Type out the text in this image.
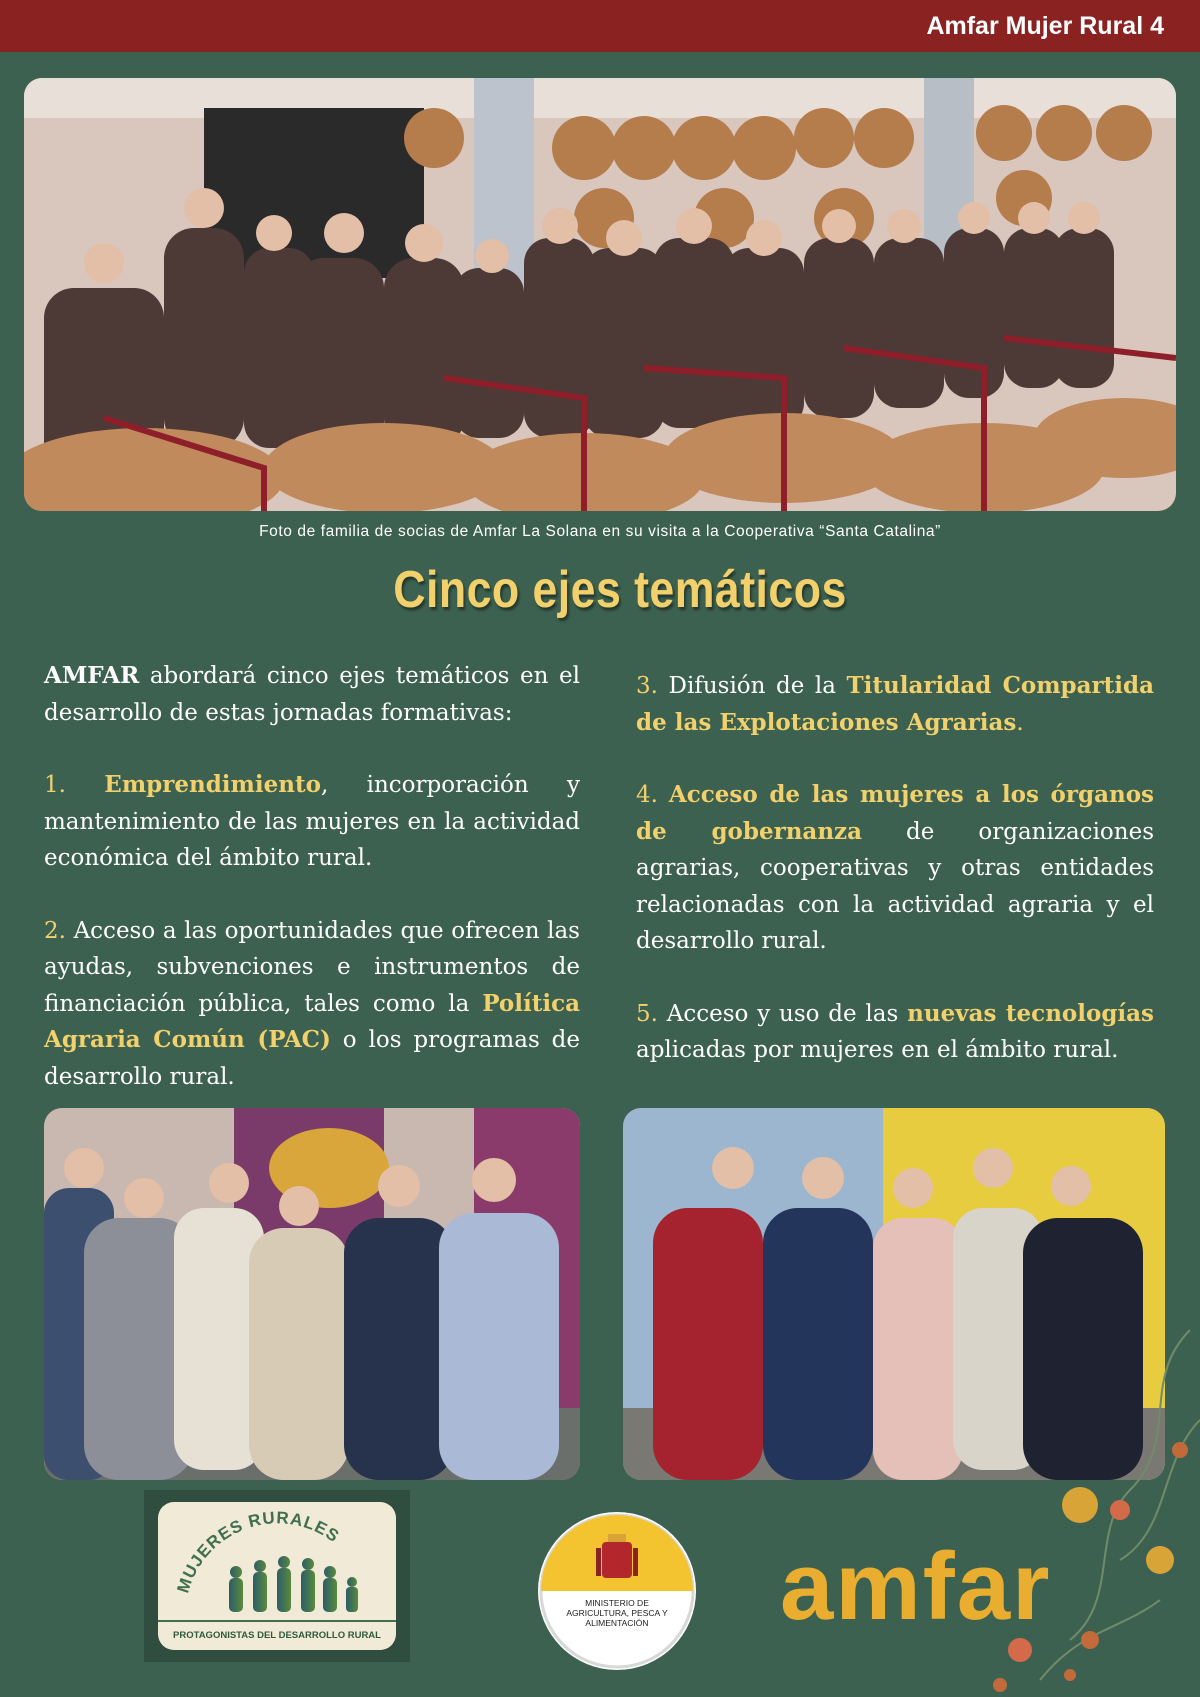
Amfar Mujer Rural 4
Foto de familia de socias de Amfar La Solana en su visita a la Cooperativa “Santa Catalina”
Cinco ejes temáticos

AMFAR abordará cinco ejes temáticos en el desarrollo de estas jornadas formativas:

1. Emprendimiento, incorporación y mantenimiento de las mujeres en la actividad económica del ámbito rural.

2. Acceso a las oportunidades que ofrecen las ayudas, subvenciones e instrumentos de financiación pública, tales como la Política Agraria Común (PAC) o los programas de desarrollo rural.

3. Difusión de la Titularidad Compartida de las Explotaciones Agrarias.

4. Acceso de las mujeres a los órganos de gobernanza de organizaciones agrarias, cooperativas y otras entidades relacionadas con la actividad agraria y el desarrollo rural.

5. Acceso y uso de las nuevas tecnologías aplicadas por mujeres en el ámbito rural.

MUJERES RURALES
PROTAGONISTAS DEL DESARROLLO RURAL
MINISTERIO DE AGRICULTURA, PESCA Y ALIMENTACIÓN amfar
